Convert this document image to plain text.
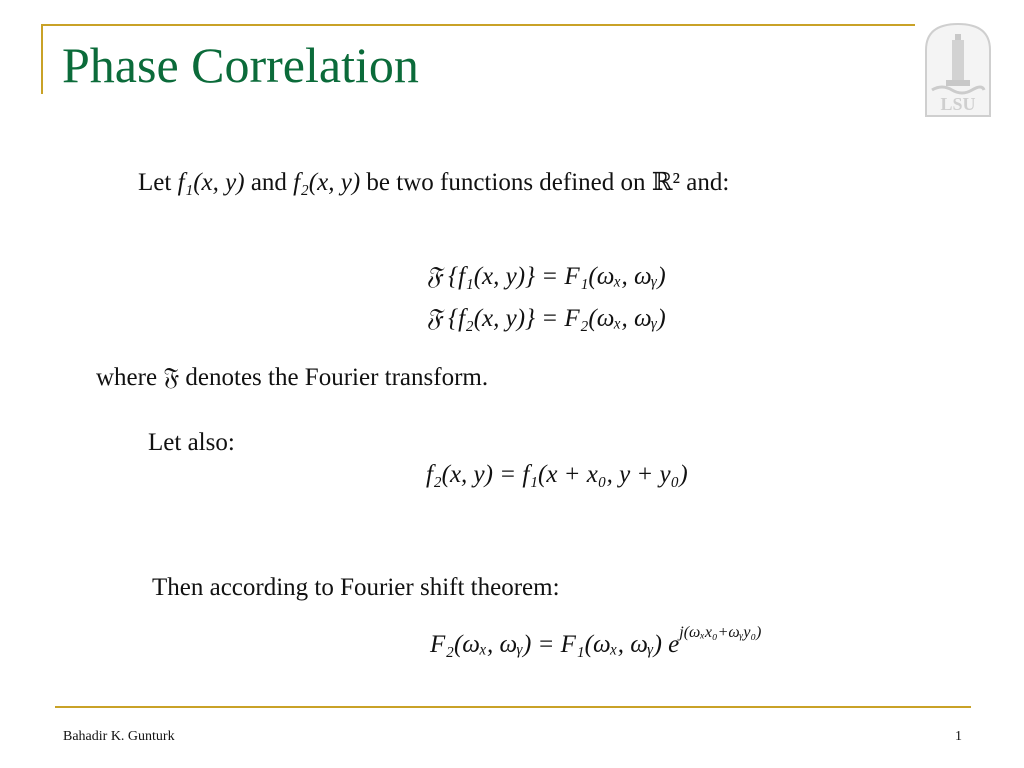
Phase Correlation
LSU
Let f₁(x, y) and f₂(x, y) be two functions defined on ℝ² and:
𝔉 {f₁(x, y)} = F₁(ωₓ, ωᵧ)
𝔉 {f₂(x, y)} = F₂(ωₓ, ωᵧ)
where 𝔉 denotes the Fourier transform.
Let also:
f₂(x, y) = f₁(x + x₀, y + y₀)
Then according to Fourier shift theorem:
F₂(ωₓ, ωᵧ) = F₁(ωₓ, ωᵧ) $e^{j(\omega_xx_0+\omega ᵧy_0)}$
Bahadir K. Gunturk	1
